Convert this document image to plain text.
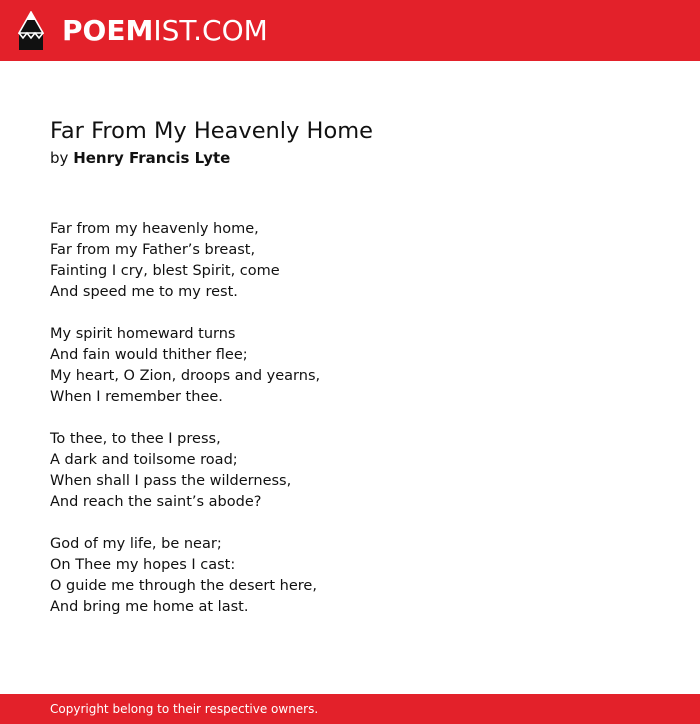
POEMIST.COM
Far From My Heavenly Home
by Henry Francis Lyte
Far from my heavenly home,
Far from my Father’s breast,
Fainting I cry, blest Spirit, come
And speed me to my rest.
My spirit homeward turns
And fain would thither flee;
My heart, O Zion, droops and yearns,
When I remember thee.
To thee, to thee I press,
A dark and toilsome road;
When shall I pass the wilderness,
And reach the saint’s abode?
God of my life, be near;
On Thee my hopes I cast:
O guide me through the desert here,
And bring me home at last.
Copyright belong to their respective owners.
